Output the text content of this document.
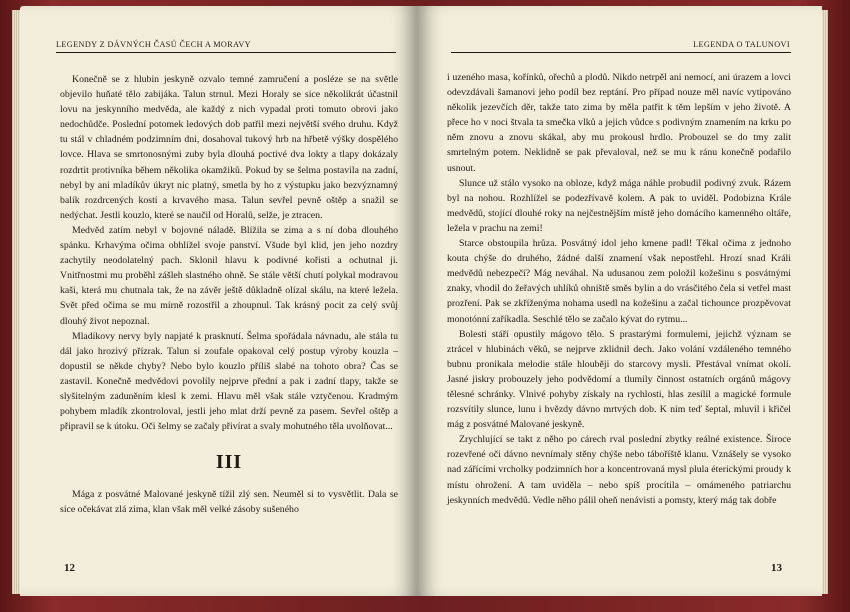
LEGENDY Z DÁVNÝCH ČASŮ ČECH A MORAVY

Konečně se z hlubin jeskyně ozvalo temné zamručení a posléze se na světle objevilo huňaté tělo zabijáka. Talun strnul. Mezi Horaly se sice několikrát účastnil lovu na jeskynního medvěda, ale každý z nich vypadal proti tomuto obrovi jako nedochůdče. Poslední potomek ledových dob patřil mezi největší svého druhu. Když tu stál v chladném podzimním dni, dosahoval tukový hrb na hřbetě výšky dospělého lovce. Hlava se smrtonosnými zuby byla dlouhá poctivé dva lokty a tlapy dokázaly rozdrtit protivníka během několika okamžiků. Pokud by se šelma postavila na zadní, nebyl by ani mladíkův úkryt nic platný, smetla by ho z výstupku jako bezvýznamný balík rozdrcených kostí a krvavého masa. Talun sevřel pevně oštěp a snažil se nedýchat. Jestli kouzlo, které se naučil od Horalů, selže, je ztracen.

Medvěd zatím nebyl v bojovné náladě. Blížila se zima a s ní doba dlouhého spánku. Krhavýma očima obhlížel svoje panství. Všude byl klid, jen jeho nozdry zachytily neodolatelný pach. Sklonil hlavu k podivné kořisti a ochutnal ji. Vnitřnostmi mu proběhl zášleh slastného ohně. Se stále větší chutí polykal modravou kaši, která mu chutnala tak, že na závěr ještě důkladně olízal skálu, na které ležela. Svět před očima se mu mírně rozostřil a zhoupnul. Tak krásný pocit za celý svůj dlouhý život nepoznal.

Mladíkovy nervy byly napjaté k prasknutí. Šelma spořádala návnadu, ale stála tu dál jako hrozivý přízrak. Talun si zoufale opakoval celý postup výroby kouzla – dopustil se někde chyby? Nebo bylo kouzlo příliš slabé na tohoto obra? Čas se zastavil. Konečně medvědovi povolily nejprve přední a pak i zadní tlapy, takže se slyšitelným zaduněním klesl k zemi. Hlavu měl však stále vztyčenou. Kradmým pohybem mladík zkontroloval, jestli jeho mlat drží pevně za pasem. Sevřel oštěp a připravil se k útoku. Oči šelmy se začaly přivírat a svaly mohutného těla uvolňovat...

III

Mága z posvátné Malované jeskyně tížil zlý sen. Neuměl si to vysvětlit. Dala se sice očekávat zlá zima, klan však měl velké zásoby sušeného

12
LEGENDA O TALUNOVI

i uzeného masa, kořínků, ořechů a plodů. Nikdo netrpěl ani nemocí, ani úrazem a lovci odevzdávali šamanovi jeho podíl bez reptání. Pro případ nouze měl navíc vytipováno několik jezevčích děr, takže tato zima by měla patřit k těm lepším v jeho životě. A přece ho v noci štvala ta smečka vlků a jejich vůdce s podivným znamením na krku po něm znovu a znovu skákal, aby mu prokousl hrdlo. Probouzel se do tmy zalit smrtelným potem. Neklidně se pak převaloval, než se mu k ránu konečně podařilo usnout.

Slunce už stálo vysoko na obloze, když mága náhle probudil podivný zvuk. Rázem byl na nohou. Rozhlížel se podezřívavě kolem. A pak to uviděl. Podobizna Krále medvědů, stojící dlouhé roky na nejčestnějším místě jeho domácího kamenného oltáře, ležela v prachu na zemi!

Starce obstoupila hrůza. Posvátný idol jeho kmene padl! Těkal očima z jednoho kouta chýše do druhého, žádné další znamení však nepostřehl. Hrozí snad Králi medvědů nebezpečí? Mág neváhal. Na udusanou zem položil kožešinu s posvátnými znaky, vhodil do žeřavých uhlíků ohniště směs bylin a do vrásčitého čela si vetřel mast prozření. Pak se zkříženýma nohama usedl na kožešinu a začal tichounce prozpěvovat monotónní zaříkadla. Seschlé tělo se začalo kývat do rytmu...

Bolesti stáří opustily mágovo tělo. S prastarými formulemi, jejichž význam se ztrácel v hlubinách věků, se nejprve zklidnil dech. Jako volání vzdáleného temného bubnu pronikala melodie stále hlouběji do starcovy mysli. Přestával vnímat okolí. Jasné jiskry probouzely jeho podvědomí a tlumily činnost ostatních orgánů mágovy tělesné schránky. Vlnivé pohyby získaly na rychlosti, hlas zesílil a magické formule rozsvítily slunce, lunu i hvězdy dávno mrtvých dob. K nim teď šeptal, mluvil i křičel mág z posvátné Malované jeskyně.

Zrychlující se takt z něho po cárech rval poslední zbytky reálné existence. Široce rozevřené oči dávno nevnímaly stěny chýše nebo táboříště klanu. Vznášely se vysoko nad zářícími vrcholky podzimních hor a koncentrovaná mysl plula éterickými proudy k místu ohrožení. A tam uviděla – nebo spíš procítila – omámeného patriarchu jeskynních medvědů. Vedle něho pálil oheň nenávisti a pomsty, který mág tak dobře

13
